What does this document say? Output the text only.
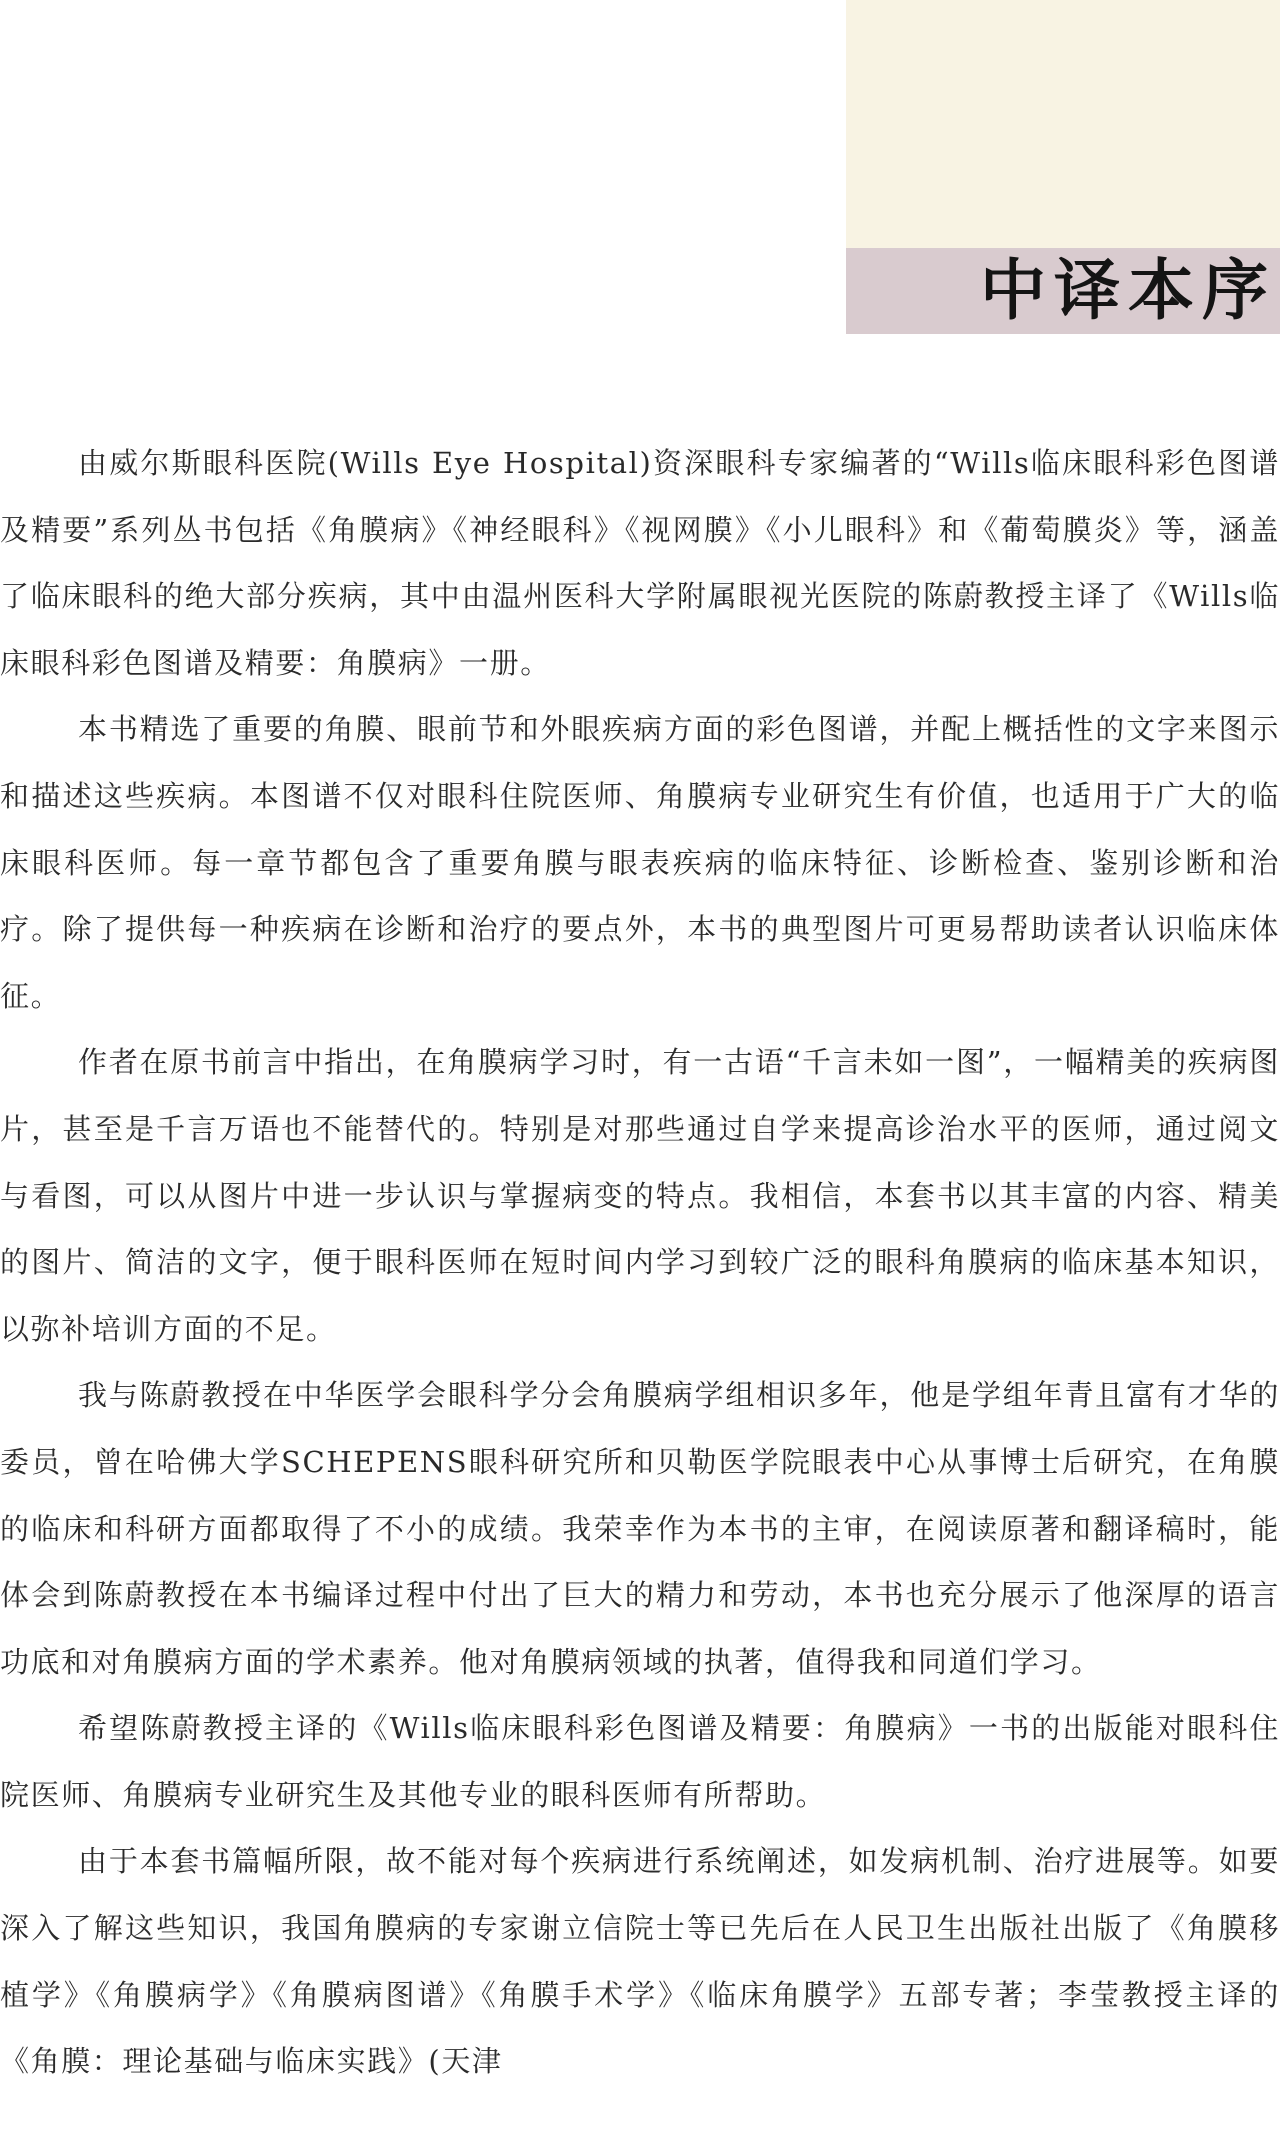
中译本序

由威尔斯眼科医院(Wills Eye Hospital)资深眼科专家编著的“Wills临床眼科彩色图谱及精要”系列丛书包括《角膜病》《神经眼科》《视网膜》《小儿眼科》和《葡萄膜炎》等，涵盖了临床眼科的绝大部分疾病，其中由温州医科大学附属眼视光医院的陈蔚教授主译了《Wills临床眼科彩色图谱及精要：角膜病》一册。

本书精选了重要的角膜、眼前节和外眼疾病方面的彩色图谱，并配上概括性的文字来图示和描述这些疾病。本图谱不仅对眼科住院医师、角膜病专业研究生有价值，也适用于广大的临床眼科医师。每一章节都包含了重要角膜与眼表疾病的临床特征、诊断检查、鉴别诊断和治疗。除了提供每一种疾病在诊断和治疗的要点外，本书的典型图片可更易帮助读者认识临床体征。

作者在原书前言中指出，在角膜病学习时，有一古语“千言未如一图”，一幅精美的疾病图片，甚至是千言万语也不能替代的。特别是对那些通过自学来提高诊治水平的医师，通过阅文与看图，可以从图片中进一步认识与掌握病变的特点。我相信，本套书以其丰富的内容、精美的图片、简洁的文字，便于眼科医师在短时间内学习到较广泛的眼科角膜病的临床基本知识，以弥补培训方面的不足。

我与陈蔚教授在中华医学会眼科学分会角膜病学组相识多年，他是学组年青且富有才华的委员，曾在哈佛大学SCHEPENS眼科研究所和贝勒医学院眼表中心从事博士后研究，在角膜的临床和科研方面都取得了不小的成绩。我荣幸作为本书的主审，在阅读原著和翻译稿时，能体会到陈蔚教授在本书编译过程中付出了巨大的精力和劳动，本书也充分展示了他深厚的语言功底和对角膜病方面的学术素养。他对角膜病领域的执著，值得我和同道们学习。

希望陈蔚教授主译的《Wills临床眼科彩色图谱及精要：角膜病》一书的出版能对眼科住院医师、角膜病专业研究生及其他专业的眼科医师有所帮助。

由于本套书篇幅所限，故不能对每个疾病进行系统阐述，如发病机制、治疗进展等。如要深入了解这些知识，我国角膜病的专家谢立信院士等已先后在人民卫生出版社出版了《角膜移植学》《角膜病学》《角膜病图谱》《角膜手术学》《临床角膜学》五部专著；李莹教授主译的《角膜：理论基础与临床实践》(天津
